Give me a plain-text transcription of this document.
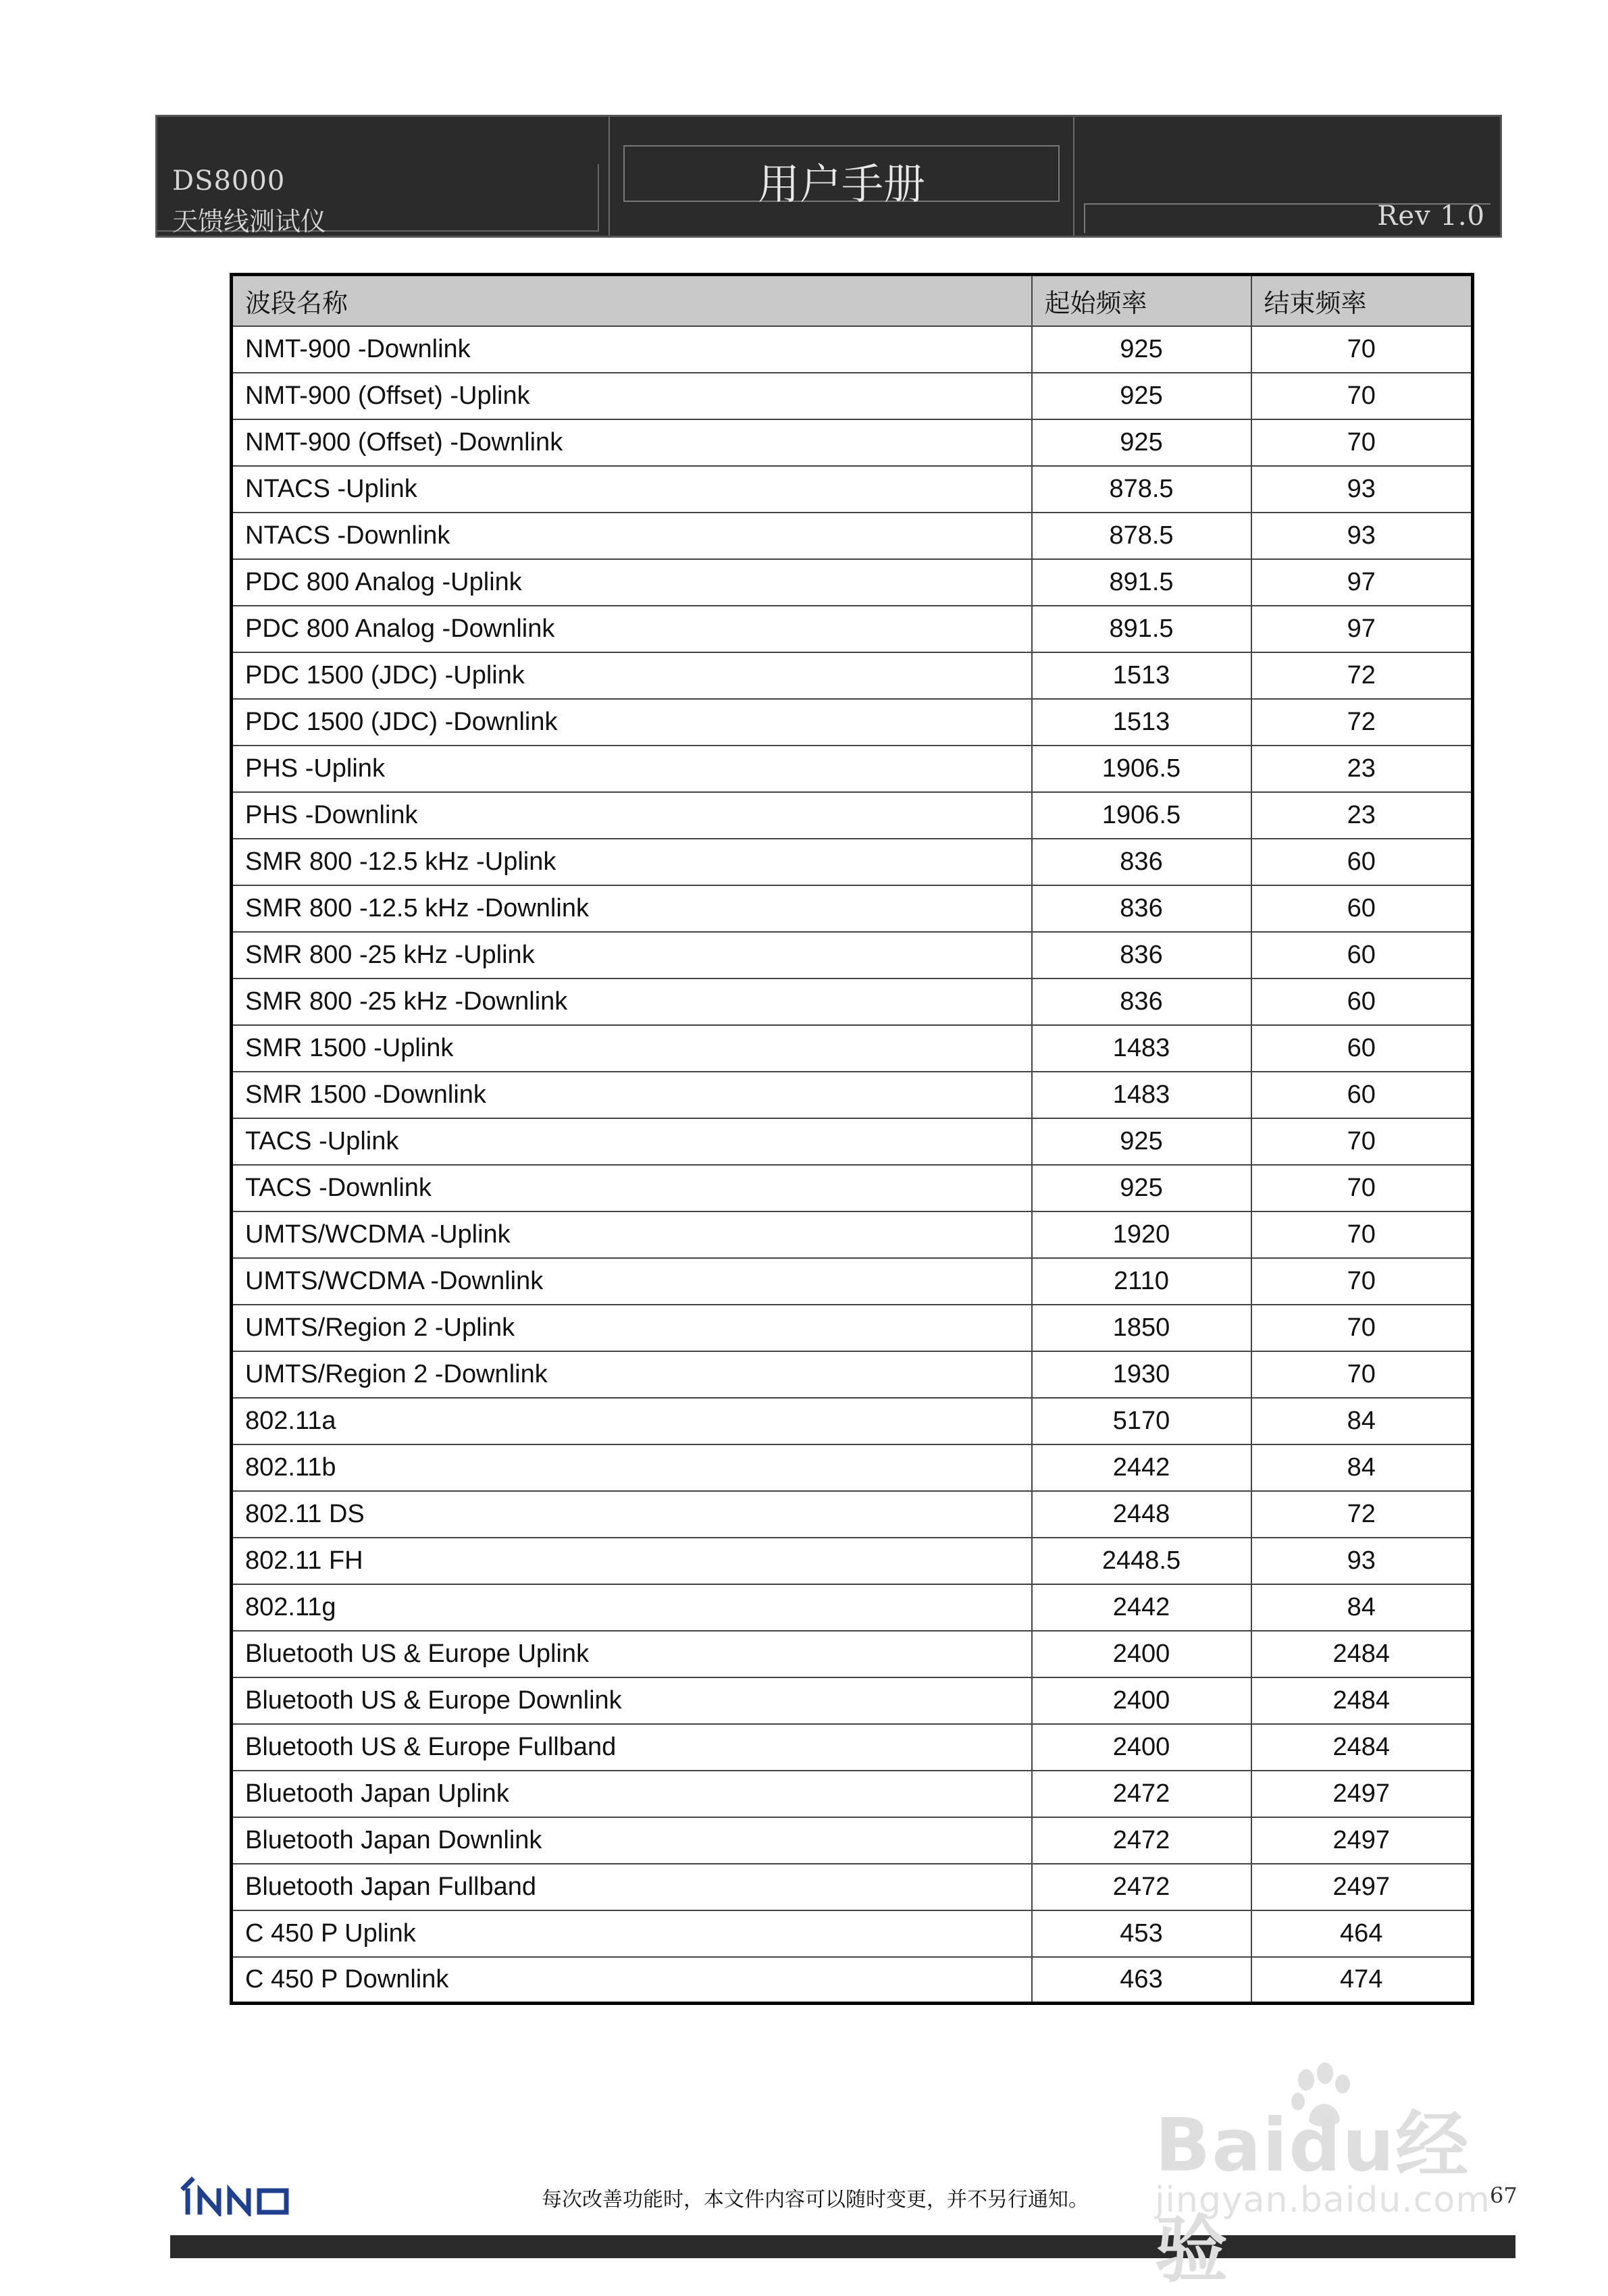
DS8000
天馈线测试仪
用户手册
Rev 1.0
波段名称	起始频率	结束频率
NMT-900 -Downlink	925	70
NMT-900 (Offset) -Uplink	925	70
NMT-900 (Offset) -Downlink	925	70
NTACS -Uplink	878.5	93
NTACS -Downlink	878.5	93
PDC 800 Analog -Uplink	891.5	97
PDC 800 Analog -Downlink	891.5	97
PDC 1500 (JDC) -Uplink	1513	72
PDC 1500 (JDC) -Downlink	1513	72
PHS -Uplink	1906.5	23
PHS -Downlink	1906.5	23
SMR 800 -12.5 kHz -Uplink	836	60
SMR 800 -12.5 kHz -Downlink	836	60
SMR 800 -25 kHz -Uplink	836	60
SMR 800 -25 kHz -Downlink	836	60
SMR 1500 -Uplink	1483	60
SMR 1500 -Downlink	1483	60
TACS -Uplink	925	70
TACS -Downlink	925	70
UMTS/WCDMA -Uplink	1920	70
UMTS/WCDMA -Downlink	2110	70
UMTS/Region 2 -Uplink	1850	70
UMTS/Region 2 -Downlink	1930	70
802.11a	5170	84
802.11b	2442	84
802.11 DS	2448	72
802.11 FH	2448.5	93
802.11g	2442	84
Bluetooth US & Europe Uplink	2400	2484
Bluetooth US & Europe Downlink	2400	2484
Bluetooth US & Europe Fullband	2400	2484
Bluetooth Japan Uplink	2472	2497
Bluetooth Japan Downlink	2472	2497
Bluetooth Japan Fullband	2472	2497
C 450 P Uplink	453	464
C 450 P Downlink	463	474
每次改善功能时，本文件内容可以随时变更，并不另行通知。	67
Baidu经验
jingyan.baidu.com
